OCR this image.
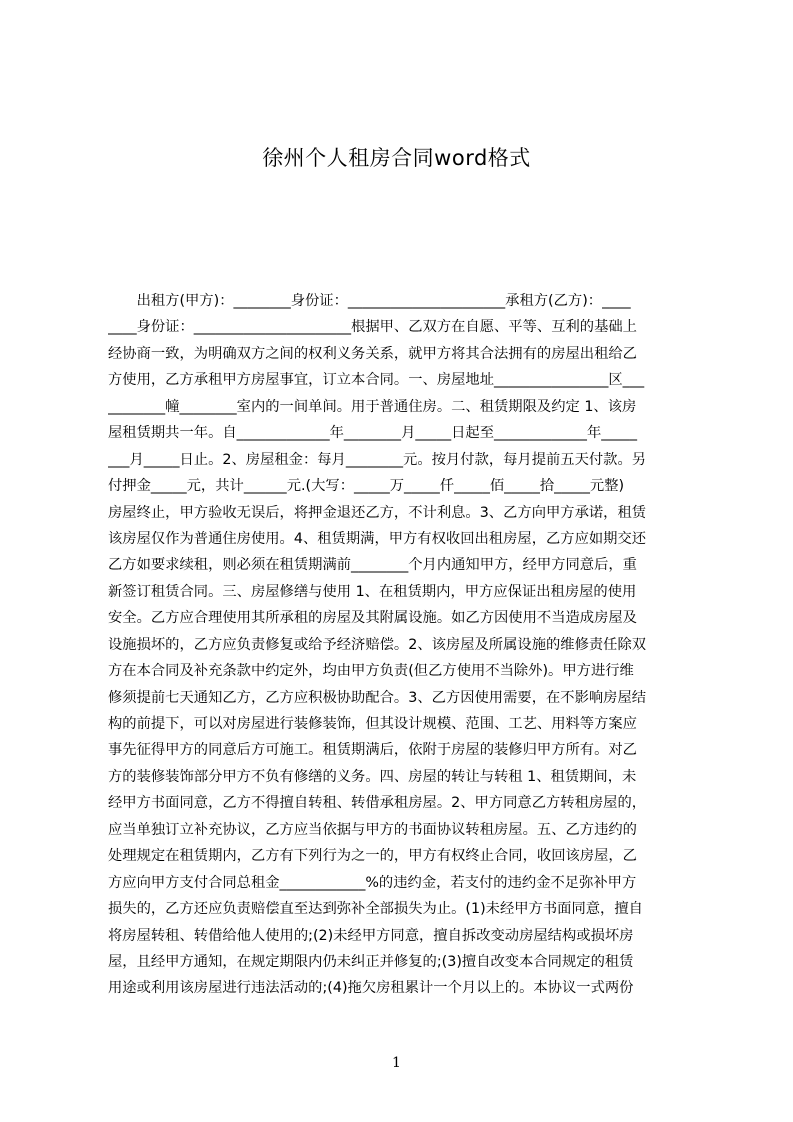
徐州个人租房合同word格式
　　出租方(甲方)：________身份证：______________________承租方(乙方)：____
____身份证：______________________根据甲、乙双方在自愿、平等、互利的基础上
经协商一致，为明确双方之间的权利义务关系，就甲方将其合法拥有的房屋出租给乙
方使用，乙方承租甲方房屋事宜，订立本合同。一、房屋地址________________区___
________幢________室内的一间单间。用于普通住房。二、租赁期限及约定 1、该房
屋租赁期共一年。自_____________年________月_____日起至_____________年_____
___月_____日止。2、房屋租金：每月________元。按月付款，每月提前五天付款。另
付押金_____元，共计______元.(大写：_____万_____仟_____佰_____拾_____元整)
房屋终止，甲方验收无误后，将押金退还乙方，不计利息。3、乙方向甲方承诺，租赁
该房屋仅作为普通住房使用。4、租赁期满，甲方有权收回出租房屋，乙方应如期交还
乙方如要求续租，则必须在租赁期满前________个月内通知甲方，经甲方同意后，重
新签订租赁合同。三、房屋修缮与使用 1、在租赁期内，甲方应保证出租房屋的使用
安全。乙方应合理使用其所承租的房屋及其附属设施。如乙方因使用不当造成房屋及
设施损坏的，乙方应负责修复或给予经济赔偿。2、该房屋及所属设施的维修责任除双
方在本合同及补充条款中约定外，均由甲方负责(但乙方使用不当除外)。甲方进行维
修须提前七天通知乙方，乙方应积极协助配合。3、乙方因使用需要，在不影响房屋结
构的前提下，可以对房屋进行装修装饰，但其设计规模、范围、工艺、用料等方案应
事先征得甲方的同意后方可施工。租赁期满后，依附于房屋的装修归甲方所有。对乙
方的装修装饰部分甲方不负有修缮的义务。四、房屋的转让与转租 1、租赁期间，未
经甲方书面同意，乙方不得擅自转租、转借承租房屋。2、甲方同意乙方转租房屋的，
应当单独订立补充协议，乙方应当依据与甲方的书面协议转租房屋。五、乙方违约的
处理规定在租赁期内，乙方有下列行为之一的，甲方有权终止合同，收回该房屋，乙
方应向甲方支付合同总租金____________%的违约金，若支付的违约金不足弥补甲方
损失的，乙方还应负责赔偿直至达到弥补全部损失为止。(1)未经甲方书面同意，擅自
将房屋转租、转借给他人使用的;(2)未经甲方同意，擅自拆改变动房屋结构或损坏房
屋，且经甲方通知，在规定期限内仍未纠正并修复的;(3)擅自改变本合同规定的租赁
用途或利用该房屋进行违法活动的;(4)拖欠房租累计一个月以上的。本协议一式两份
1
